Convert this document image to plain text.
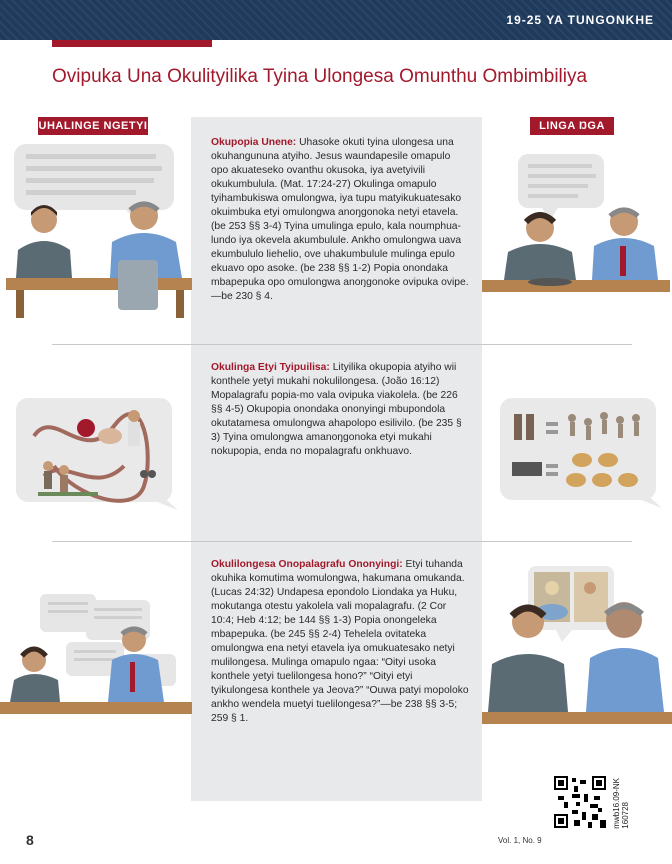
19-25 YA TUNGONKHE
Ovipuka Una Okulityilika Tyina Ulongesa Omunthu Ombimbiliya
UHALINGE NGETYI	LINGA ŊGA
Okupopia Unene: Uhasoke okuti tyina ulongesa una okuhangununa atyiho. Jesus waundapesile omapulo opo akuateseko ovanthu okusoka, iya avetyivili okukumbulula. (Mat. 17:24-27) Okulinga omapulo tyihambukiswa omulongwa, iya tupu matyikukuatesako okuimbuka etyi omulongwa anoŋgonoka netyi etavela. (be 253 §§ 3-4) Tyina umulinga epulo, kala noumphua-lundo iya okevela akumbulule. Ankho omulongwa uava ekumbululo liehelio, ove uhakumbulule mulinga epulo ekuavo opo asoke. (be 238 §§ 1-2) Popia onondaka mbapepuka opo omulongwa anoŋgonoke ovipuka ovipe.—be 230 § 4.
Okulinga Etyi Tyipuilisa: Lityilika okupopia atyiho wii konthele yetyi mukahi nokulilongesa. (João 16:12) Mopalagrafu popia-mo vala ovipuka viakolela. (be 226 §§ 4-5) Okupopia onondaka ononyingi mbupondola okutatamesa omulongwa ahapolopo esilivilo. (be 235 § 3) Tyina omulongwa amanoŋgonoka etyi mukahi nokupopia, enda no mopalagrafu onkhuavo.
Okulilongesa Onopalagrafu Ononyingi: Etyi tuhanda okuhika komutima womulongwa, hakumana omukanda. (Lucas 24:32) Undapesa epondolo Liondaka ya Huku, mokutanga otestu yakolela vali mopalagrafu. (2 Cor 10:4; Heb 4:12; be 144 §§ 1-3) Popia onongeleka mbapepuka. (be 245 §§ 2-4) Tehelela ovitateka omulongwa ena netyi etavela iya omukuatesako netyi mulilongesa. Mulinga omapulo ngaa: “Oityi usoka konthele yetyi tuelilongesa hono?” “Oityi etyi tyikulongesa konthele ya Jeova?” “Ouwa patyi mopoloko ankho wendela muetyi tuelilongesa?”—be 238 §§ 3-5; 259 § 1.
8	Vol. 1, No. 9
mwb16.09-NK 160728
